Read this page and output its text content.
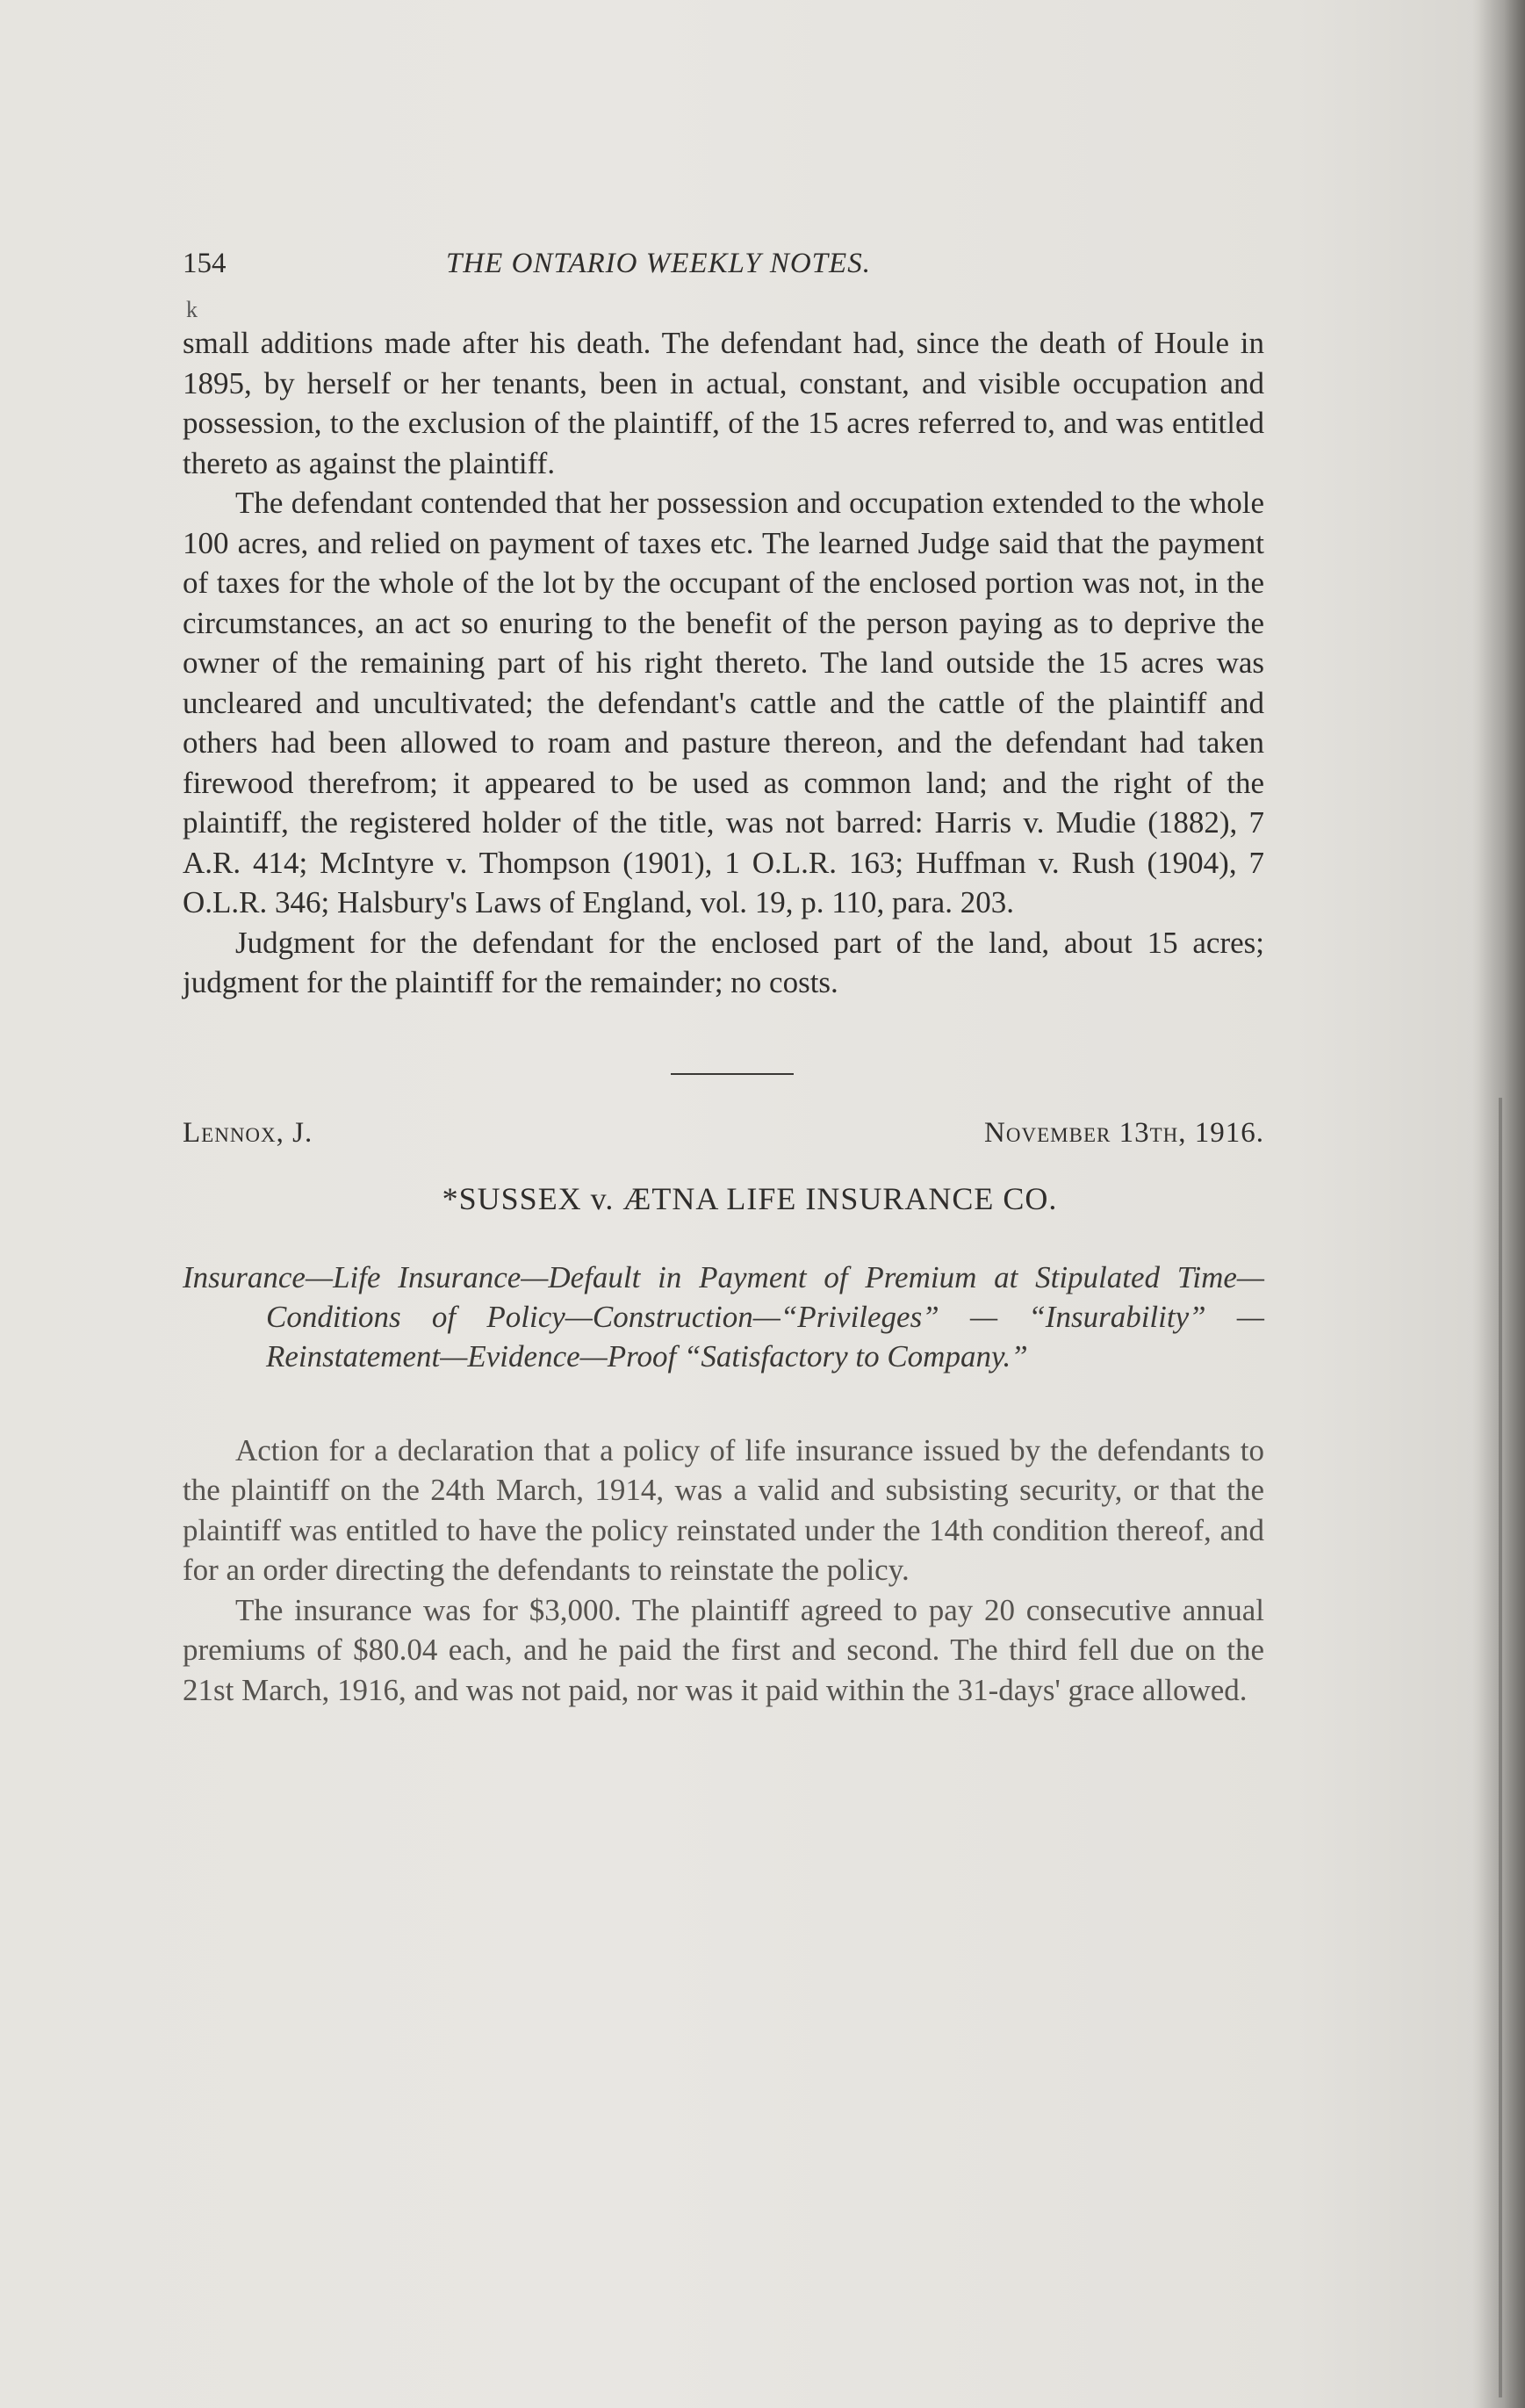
k
154	THE ONTARIO WEEKLY NOTES.

small additions made after his death. The defendant had, since the death of Houle in 1895, by herself or her tenants, been in actual, constant, and visible occupation and possession, to the exclusion of the plaintiff, of the 15 acres referred to, and was entitled thereto as against the plaintiff.

The defendant contended that her possession and occupation extended to the whole 100 acres, and relied on payment of taxes etc. The learned Judge said that the payment of taxes for the whole of the lot by the occupant of the enclosed portion was not, in the circumstances, an act so enuring to the benefit of the person paying as to deprive the owner of the remaining part of his right thereto. The land outside the 15 acres was uncleared and uncultivated; the defendant's cattle and the cattle of the plaintiff and others had been allowed to roam and pasture thereon, and the defendant had taken firewood therefrom; it appeared to be used as common land; and the right of the plaintiff, the registered holder of the title, was not barred: Harris v. Mudie (1882), 7 A.R. 414; McIntyre v. Thompson (1901), 1 O.L.R. 163; Huffman v. Rush (1904), 7 O.L.R. 346; Halsbury's Laws of England, vol. 19, p. 110, para. 203.

Judgment for the defendant for the enclosed part of the land, about 15 acres; judgment for the plaintiff for the remainder; no costs.

Lennox, J.	November 13th, 1916.
*SUSSEX v. ÆTNA LIFE INSURANCE CO.

Insurance—Life Insurance—Default in Payment of Premium at Stipulated Time—Conditions of Policy—Construction—“Privileges” — “Insurability” — Reinstatement—Evidence—Proof “Satisfactory to Company.”

Action for a declaration that a policy of life insurance issued by the defendants to the plaintiff on the 24th March, 1914, was a valid and subsisting security, or that the plaintiff was entitled to have the policy reinstated under the 14th condition thereof, and for an order directing the defendants to reinstate the policy.

The insurance was for $3,000. The plaintiff agreed to pay 20 consecutive annual premiums of $80.04 each, and he paid the first and second. The third fell due on the 21st March, 1916, and was not paid, nor was it paid within the 31-days' grace allowed.
